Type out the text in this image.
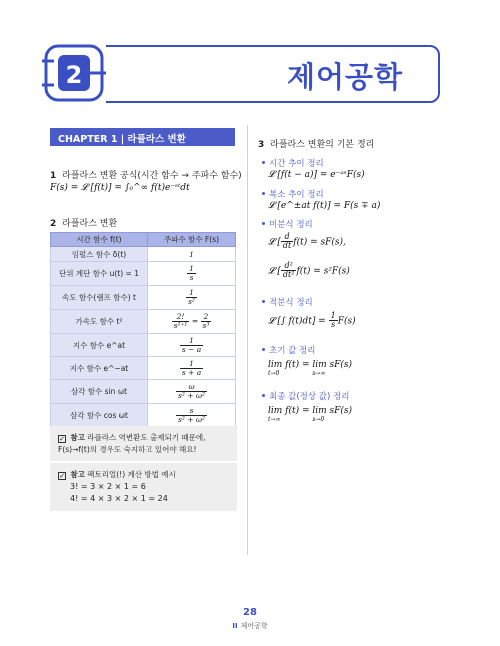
2	제어공학
CHAPTER 1 | 라플라스 변환
1 라플라스 변환 공식(시간 함수 → 주파수 함수)
F(s) = 𝓛 [f(t)] = ∫₀^∞ f(t)e⁻ˢᵗdt
2 라플라스 변환
시간 함수 f(t)	주파수 함수 F(s)
임펄스 함수 δ(t)	1
단위 계단 함수 u(t) = 1	$\frac{1}{s}$

속도 함수(램프 함수) t	$\frac{1}{\text{s²}}$

가속도 함수 t²	$\frac{2!}{\text{s²⁺¹}} = \frac{2}{\text{s³}}$

지수 함수 e^at	$\frac{1}{s - a}$

지수 함수 e^−at	$\frac{1}{s + a}$

삼각 함수 sin ωt	$\frac{\omega}{\text{s² + ω²}}$

삼각 함수 cos ωt	$\frac{s}{\text{s² + ω²}}$
✓ 참고 라플라스 역변환도 출제되기 때문에, F(s)→f(t)의 경우도 숙지하고 있어야 해요!
✓ 참고 팩토리얼(!) 계산 방법 예시
3! = 3 × 2 × 1 = 6
4! = 4 × 3 × 2 × 1 = 24
3 라플라스 변환의 기본 정리
시간 추이 정리
𝓛 [f(t − a)] = e⁻ᵃˢF(s)
복소 추이 정리
𝓛 [e^±at f(t)] = F(s ∓ a)
미분식 정리
𝓛 [ $\frac{d}{dt} f(t) = sF(s)$,
𝓛 [ $\frac{\text{d²}}{\text{dt²}} f(t) = s^2F(s)$
적분식 정리
𝓛 [∫ $f(t)dt] = \frac{1}{s} F(s)$
초기 값 정리
lim f(t)
t→0
= lim sF(s)
s→∞
최종 값(정상 값) 정리
lim f(t)
t→∞
= lim sF(s)
s→0
28
II 제어공학
